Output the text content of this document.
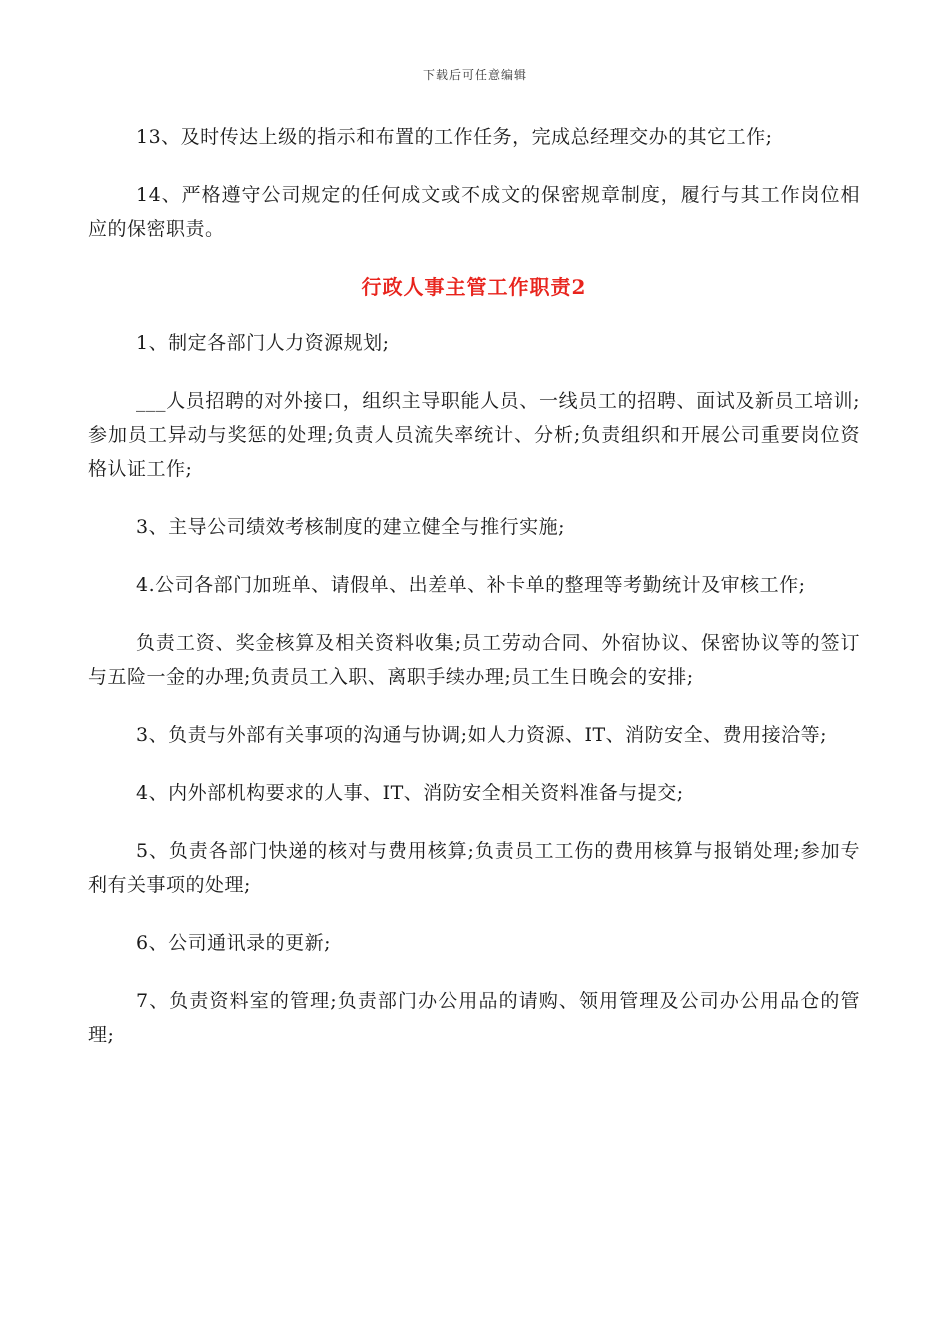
下载后可任意编辑

13、及时传达上级的指示和布置的工作任务，完成总经理交办的其它工作;

14、严格遵守公司规定的任何成文或不成文的保密规章制度，履行与其工作岗位相应的保密职责。

行政人事主管工作职责2

1、制定各部门人力资源规划;

___人员招聘的对外接口，组织主导职能人员、一线员工的招聘、面试及新员工培训;参加员工异动与奖惩的处理;负责人员流失率统计、分析;负责组织和开展公司重要岗位资格认证工作;

3、主导公司绩效考核制度的建立健全与推行实施;

4.公司各部门加班单、请假单、出差单、补卡单的整理等考勤统计及审核工作;

负责工资、奖金核算及相关资料收集;员工劳动合同、外宿协议、保密协议等的签订与五险一金的办理;负责员工入职、离职手续办理;员工生日晚会的安排;

3、负责与外部有关事项的沟通与协调;如人力资源、IT、消防安全、费用接洽等;

4、内外部机构要求的人事、IT、消防安全相关资料准备与提交;

5、负责各部门快递的核对与费用核算;负责员工工伤的费用核算与报销处理;参加专利有关事项的处理;

6、公司通讯录的更新;

7、负责资料室的管理;负责部门办公用品的请购、领用管理及公司办公用品仓的管理;
